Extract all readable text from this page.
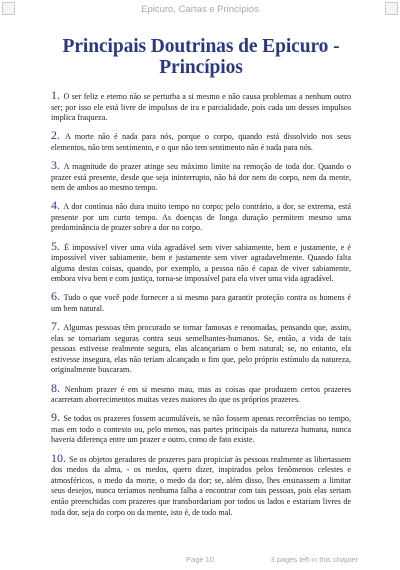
Epicuro, Cartas e Princípios
Principais Doutrinas de Epicuro - Princípios

1. O ser feliz e eterno não se perturba a si mesmo e não causa problemas a nenhum outro ser; por isso ele está livre de impulsos de ira e parcialidade, pois cada um desses impulsos implica fraqueza.

2. A morte não é nada para nós, porque o corpo, quando está dissolvido nos seus elementos, não tem sentimento, e o que não tem sentimento não é nada para nós.

3. A magnitude do prazer atinge seu máximo limite na remoção de toda dor. Quando o prazer está presente, desde que seja ininterrupto, não há dor nem do corpo, nem da mente, nem de ambos ao mesmo tempo.

4. A dor contínua não dura muito tempo no corpo; pelo contrário, a dor, se extrema, está presente por um curto tempo. As doenças de longa duração permitem mesmo uma predominância de prazer sobre a dor no corpo.

5. É impossível viver uma vida agradável sem viver sabiamente, bem e justamente, e é impossível viver sabiamente, bem e justamente sem viver agradavelmente. Quando falta alguma destas coisas, quando, por exemplo, a pessoa não é capaz de viver sabiamente, embora viva bem e com justiça, torna-se impossível para ela viver uma vida agradável.

6. Tudo o que você pode fornecer a si mesmo para garantir proteção contra os homens é um bem natural.

7. Algumas pessoas têm procurado se tornar famosas e renomadas, pensando que, assim, elas se tornariam seguras contra seus semelhantes-humanos. Se, então, a vida de tais pessoas estivesse realmente segura, elas alcançariam o bem natural; se, no entanto, ela estivesse insegura, elas não teriam alcançado o fim que, pelo próprio estímulo da natureza, originalmente buscaram.

8. Nenhum prazer é em si mesmo mau, mas as coisas que produzem certos prazeres acarretam aborrecimentos muitas vezes maiores do que os próprios prazeres.

9. Se todos os prazeres fossem acumuláveis, se não fossem apenas recorrências no tempo, mas em todo o contexto ou, pelo menos, nas partes principais da natureza humana, nunca haveria diferença entre um prazer e outro, como de fato existe.

10. Se os objetos geradores de prazeres para propiciar às pessoas realmente as libertassem dos medos da alma, - os medos, quero dizer, inspirados pelos fenômenos celestes e atmosféricos, o medo da morte, o medo da dor; se, além disso, lhes ensinassem a limitar seus desejos, nunca teríamos nenhuma falha a encontrar com tais pessoas, pois elas seriam então preenchidas com prazeres que transbordariam por todos os lados e estariam livres de toda dor, seja do corpo ou da mente, isto é, de todo mal.

Page 10	3 pages left in this chapter
